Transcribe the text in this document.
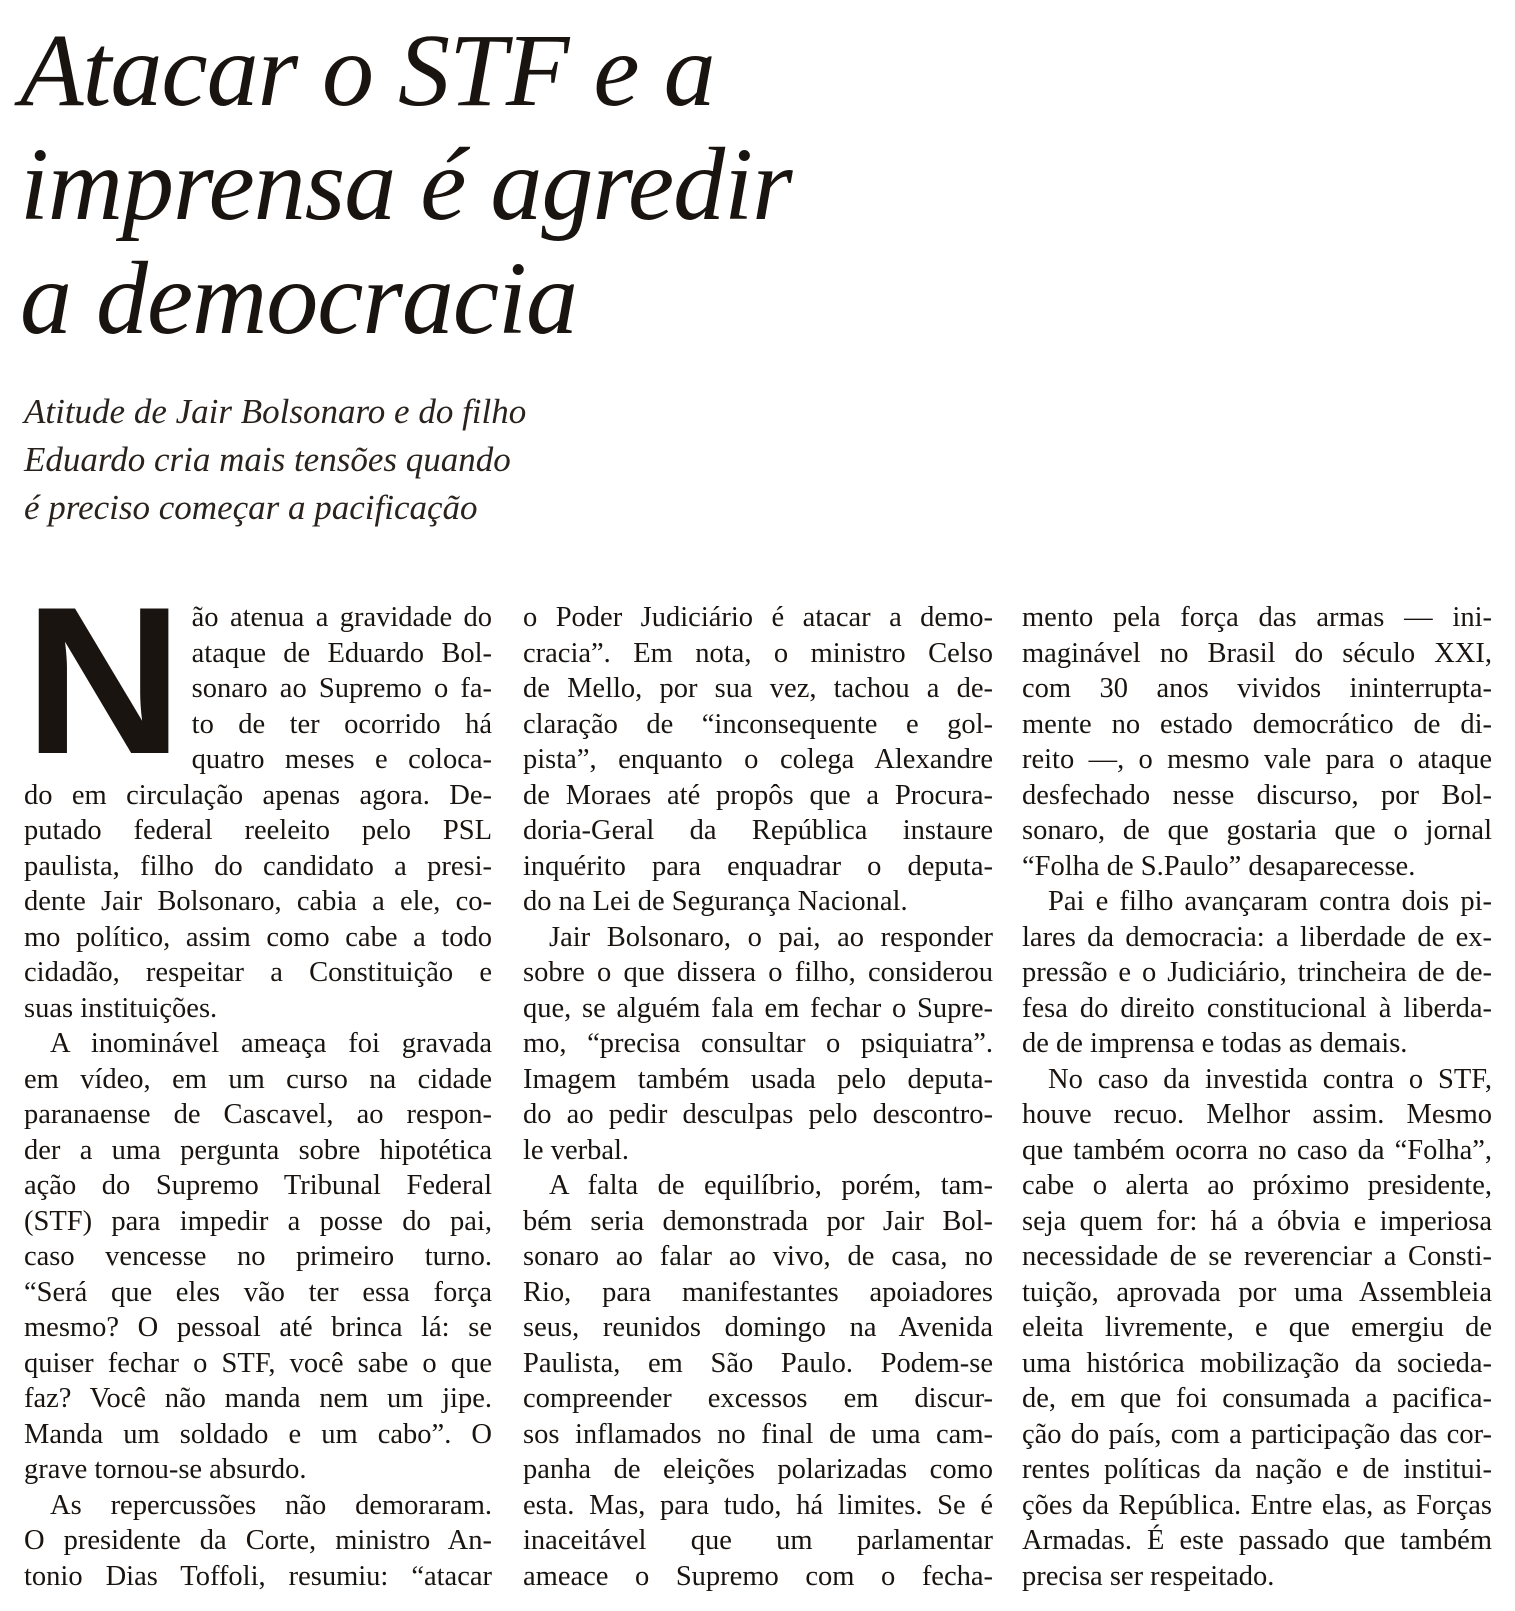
Atacar o STF e a
imprensa é agredir
a democracia
Atitude de Jair Bolsonaro e do filho
Eduardo cria mais tensões quando
é preciso começar a pacificação
N ão atenua a gravidade do

ataque de Eduardo Bol-

sonaro ao Supremo o fa-

to de ter ocorrido há

quatro meses e coloca-

do em circulação apenas agora. De-

putado federal reeleito pelo PSL

paulista, filho do candidato a presi-

dente Jair Bolsonaro, cabia a ele, co-

mo político, assim como cabe a todo

cidadão, respeitar a Constituição e

suas instituições.

A inominável ameaça foi gravada

em vídeo, em um curso na cidade

paranaense de Cascavel, ao respon-

der a uma pergunta sobre hipotética

ação do Supremo Tribunal Federal

(STF) para impedir a posse do pai,

caso vencesse no primeiro turno.

“Será que eles vão ter essa força

mesmo? O pessoal até brinca lá: se

quiser fechar o STF, você sabe o que

faz? Você não manda nem um jipe.

Manda um soldado e um cabo”. O

grave tornou-se absurdo.

As repercussões não demoraram.

O presidente da Corte, ministro An-

tonio Dias Toffoli, resumiu: “atacar

o Poder Judiciário é atacar a demo-

cracia”. Em nota, o ministro Celso

de Mello, por sua vez, tachou a de-

claração de “inconsequente e gol-

pista”, enquanto o colega Alexandre

de Moraes até propôs que a Procura-

doria-Geral da República instaure

inquérito para enquadrar o deputa-

do na Lei de Segurança Nacional.

Jair Bolsonaro, o pai, ao responder

sobre o que dissera o filho, considerou

que, se alguém fala em fechar o Supre-

mo, “precisa consultar o psiquiatra”.

Imagem também usada pelo deputa-

do ao pedir desculpas pelo descontro-

le verbal.

A falta de equilíbrio, porém, tam-

bém seria demonstrada por Jair Bol-

sonaro ao falar ao vivo, de casa, no

Rio, para manifestantes apoiadores

seus, reunidos domingo na Avenida

Paulista, em São Paulo. Podem-se

compreender excessos em discur-

sos inflamados no final de uma cam-

panha de eleições polarizadas como

esta. Mas, para tudo, há limites. Se é

inaceitável que um parlamentar

ameace o Supremo com o fecha-

mento pela força das armas — ini-

maginável no Brasil do século XXI,

com 30 anos vividos ininterrupta-

mente no estado democrático de di-

reito —, o mesmo vale para o ataque

desfechado nesse discurso, por Bol-

sonaro, de que gostaria que o jornal

“Folha de S.Paulo” desaparecesse.

Pai e filho avançaram contra dois pi-

lares da democracia: a liberdade de ex-

pressão e o Judiciário, trincheira de de-

fesa do direito constitucional à liberda-

de de imprensa e todas as demais.

No caso da investida contra o STF,

houve recuo. Melhor assim. Mesmo

que também ocorra no caso da “Folha”,

cabe o alerta ao próximo presidente,

seja quem for: há a óbvia e imperiosa

necessidade de se reverenciar a Consti-

tuição, aprovada por uma Assembleia

eleita livremente, e que emergiu de

uma histórica mobilização da socieda-

de, em que foi consumada a pacifica-

ção do país, com a participação das cor-

rentes políticas da nação e de institui-

ções da República. Entre elas, as Forças

Armadas. É este passado que também

precisa ser respeitado.
